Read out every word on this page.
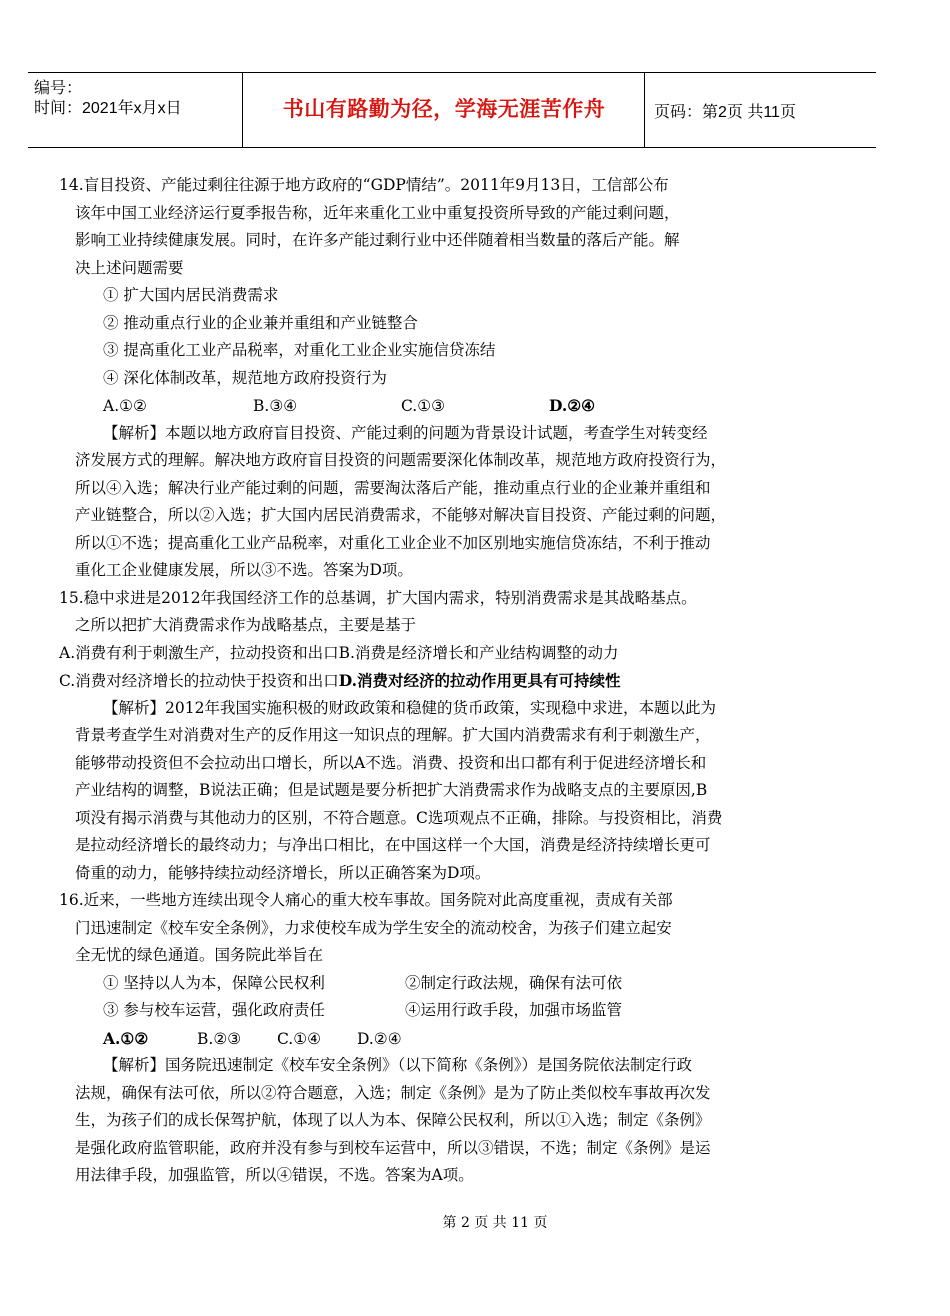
编号：
时间：2021年x月x日	书山有路勤为径，学海无涯苦作舟	页码：第2页 共11页
14.盲目投资、产能过剩往往源于地方政府的“GDP情结”。2011年9月13日，工信部公布
该年中国工业经济运行夏季报告称，近年来重化工业中重复投资所导致的产能过剩问题，
影响工业持续健康发展。同时，在许多产能过剩行业中还伴随着相当数量的落后产能。解
决上述问题需要
① 扩大国内居民消费需求
② 推动重点行业的企业兼并重组和产业链整合
③ 提高重化工业产品税率，对重化工业企业实施信贷冻结
④ 深化体制改革，规范地方政府投资行为
A.①②	B.③④	C.①③	D.②④
【解析】本题以地方政府盲目投资、产能过剩的问题为背景设计试题，考查学生对转变经
济发展方式的理解。解决地方政府盲目投资的问题需要深化体制改革，规范地方政府投资行为，
所以④入选；解决行业产能过剩的问题，需要淘汰落后产能，推动重点行业的企业兼并重组和
产业链整合，所以②入选；扩大国内居民消费需求，不能够对解决盲目投资、产能过剩的问题，
所以①不选；提高重化工业产品税率，对重化工业企业不加区别地实施信贷冻结，不利于推动
重化工企业健康发展，所以③不选。答案为D项。
15.稳中求进是2012年我国经济工作的总基调，扩大国内需求，特别消费需求是其战略基点。
之所以把扩大消费需求作为战略基点，主要是基于
A.消费有利于刺激生产，拉动投资和出口B.消费是经济增长和产业结构调整的动力
C.消费对经济增长的拉动快于投资和出口D.消费对经济的拉动作用更具有可持续性
【解析】2012年我国实施积极的财政政策和稳健的货币政策，实现稳中求进，本题以此为
背景考查学生对消费对生产的反作用这一知识点的理解。扩大国内消费需求有利于刺激生产，
能够带动投资但不会拉动出口增长，所以A不选。消费、投资和出口都有利于促进经济增长和
产业结构的调整，B说法正确；但是试题是要分析把扩大消费需求作为战略支点的主要原因,B
项没有揭示消费与其他动力的区别，不符合题意。C选项观点不正确，排除。与投资相比，消费
是拉动经济增长的最终动力；与净出口相比，在中国这样一个大国，消费是经济持续增长更可
倚重的动力，能够持续拉动经济增长，所以正确答案为D项。
16.近来，一些地方连续出现令人痛心的重大校车事故。国务院对此高度重视，责成有关部
门迅速制定《校车安全条例》，力求使校车成为学生安全的流动校舍，为孩子们建立起安
全无忧的绿色通道。国务院此举旨在
① 坚持以人为本，保障公民权利	②制定行政法规，确保有法可依
③ 参与校车运营，强化政府责任	④运用行政手段，加强市场监管
A.①②	B.②③ C.①④ D.②④
【解析】国务院迅速制定《校车安全条例》（以下简称《条例》）是国务院依法制定行政
法规，确保有法可依，所以②符合题意，入选；制定《条例》是为了防止类似校车事故再次发
生，为孩子们的成长保驾护航，体现了以人为本、保障公民权利，所以①入选；制定《条例》
是强化政府监管职能，政府并没有参与到校车运营中，所以③错误，不选；制定《条例》是运
用法律手段，加强监管，所以④错误，不选。答案为A项。
第 2 页 共 11 页
